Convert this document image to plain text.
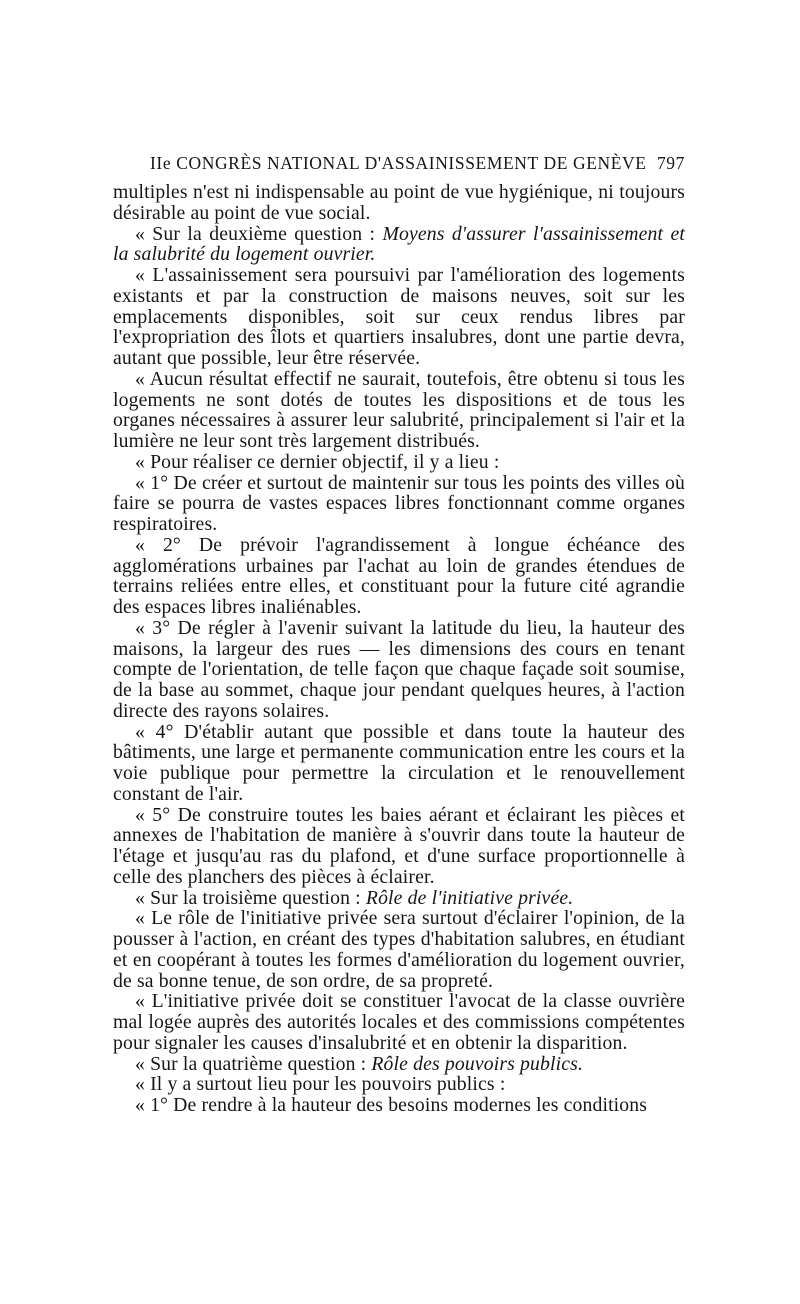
IIe CONGRÈS NATIONAL D'ASSAINISSEMENT DE GENÈVE 797

multiples n'est ni indispensable au point de vue hygiénique, ni toujours désirable au point de vue social.

« Sur la deuxième question : Moyens d'assurer l'assainissement et la salubrité du logement ouvrier.

« L'assainissement sera poursuivi par l'amélioration des logements existants et par la construction de maisons neuves, soit sur les emplacements disponibles, soit sur ceux rendus libres par l'expropriation des îlots et quartiers insalubres, dont une partie devra, autant que possible, leur être réservée.

« Aucun résultat effectif ne saurait, toutefois, être obtenu si tous les logements ne sont dotés de toutes les dispositions et de tous les organes nécessaires à assurer leur salubrité, principalement si l'air et la lumière ne leur sont très largement distribués.

« Pour réaliser ce dernier objectif, il y a lieu :

« 1° De créer et surtout de maintenir sur tous les points des villes où faire se pourra de vastes espaces libres fonctionnant comme organes respiratoires.

« 2° De prévoir l'agrandissement à longue échéance des agglomérations urbaines par l'achat au loin de grandes étendues de terrains reliées entre elles, et constituant pour la future cité agrandie des espaces libres inaliénables.

« 3° De régler à l'avenir suivant la latitude du lieu, la hauteur des maisons, la largeur des rues — les dimensions des cours en tenant compte de l'orientation, de telle façon que chaque façade soit soumise, de la base au sommet, chaque jour pendant quelques heures, à l'action directe des rayons solaires.

« 4° D'établir autant que possible et dans toute la hauteur des bâtiments, une large et permanente communication entre les cours et la voie publique pour permettre la circulation et le renouvellement constant de l'air.

« 5° De construire toutes les baies aérant et éclairant les pièces et annexes de l'habitation de manière à s'ouvrir dans toute la hauteur de l'étage et jusqu'au ras du plafond, et d'une surface proportionnelle à celle des planchers des pièces à éclairer.

« Sur la troisième question : Rôle de l'initiative privée.

« Le rôle de l'initiative privée sera surtout d'éclairer l'opinion, de la pousser à l'action, en créant des types d'habitation salubres, en étudiant et en coopérant à toutes les formes d'amélioration du logement ouvrier, de sa bonne tenue, de son ordre, de sa propreté.

« L'initiative privée doit se constituer l'avocat de la classe ouvrière mal logée auprès des autorités locales et des commissions compétentes pour signaler les causes d'insalubrité et en obtenir la disparition.

« Sur la quatrième question : Rôle des pouvoirs publics.

« Il y a surtout lieu pour les pouvoirs publics :

« 1° De rendre à la hauteur des besoins modernes les conditions
